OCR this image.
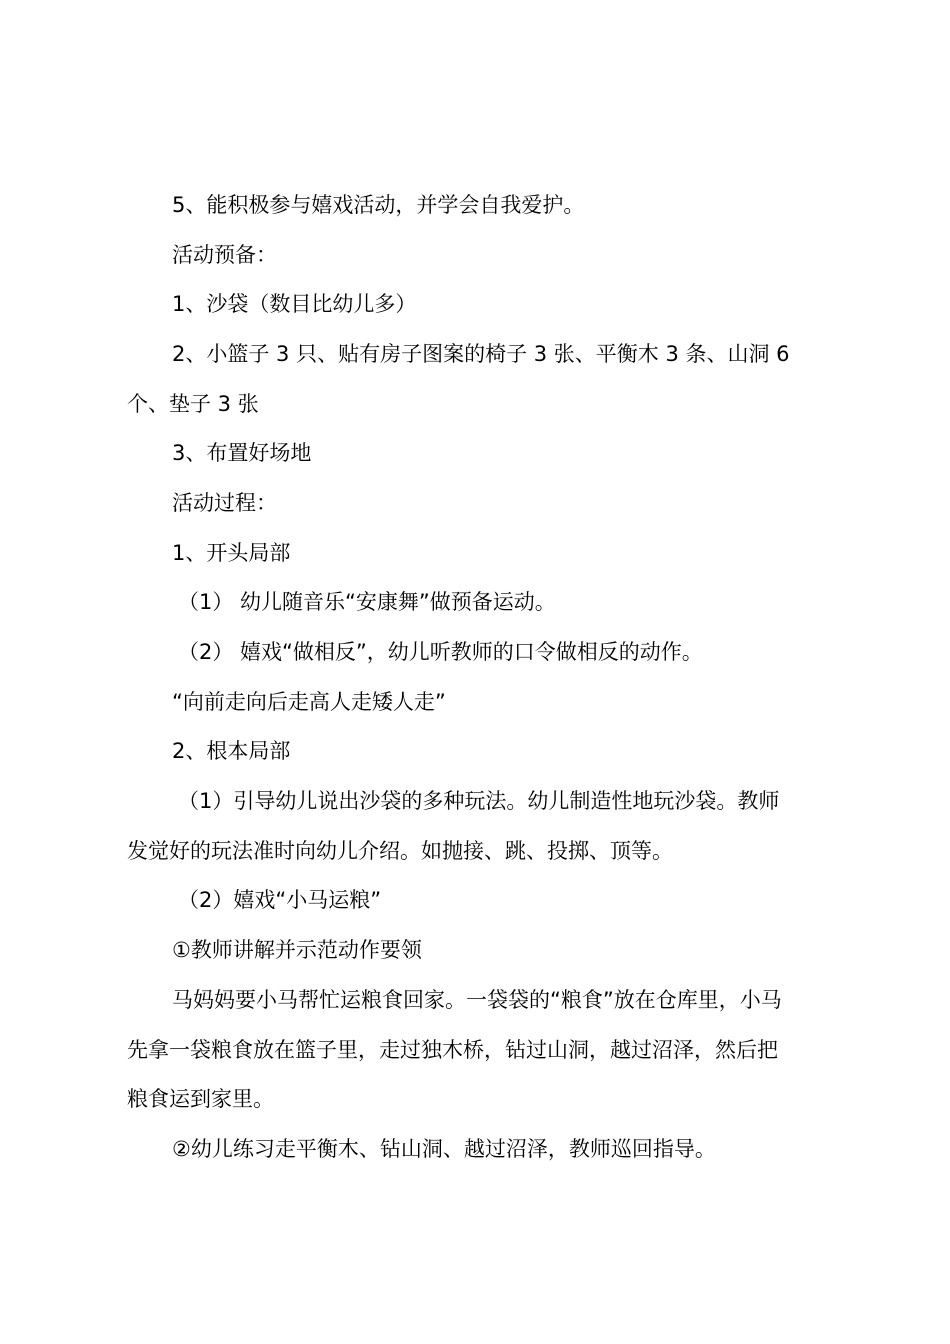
5、能积极参与嬉戏活动，并学会自我爱护。
活动预备：
1、沙袋（数目比幼儿多）
2、小篮子 3 只、贴有房子图案的椅子 3 张、平衡木 3 条、山洞 6
个、垫子 3 张
3、布置好场地
活动过程：
1、开头局部
（1） 幼儿随音乐“安康舞”做预备运动。
（2） 嬉戏“做相反”，幼儿听教师的口令做相反的动作。
“向前走向后走高人走矮人走”
2、根本局部
（1）引导幼儿说出沙袋的多种玩法。幼儿制造性地玩沙袋。教师
发觉好的玩法准时向幼儿介绍。如抛接、跳、投掷、顶等。
（2）嬉戏“小马运粮”
①教师讲解并示范动作要领
马妈妈要小马帮忙运粮食回家。一袋袋的“粮食”放在仓库里，小马
先拿一袋粮食放在篮子里，走过独木桥，钻过山洞，越过沼泽，然后把
粮食运到家里。
②幼儿练习走平衡木、钻山洞、越过沼泽，教师巡回指导。
